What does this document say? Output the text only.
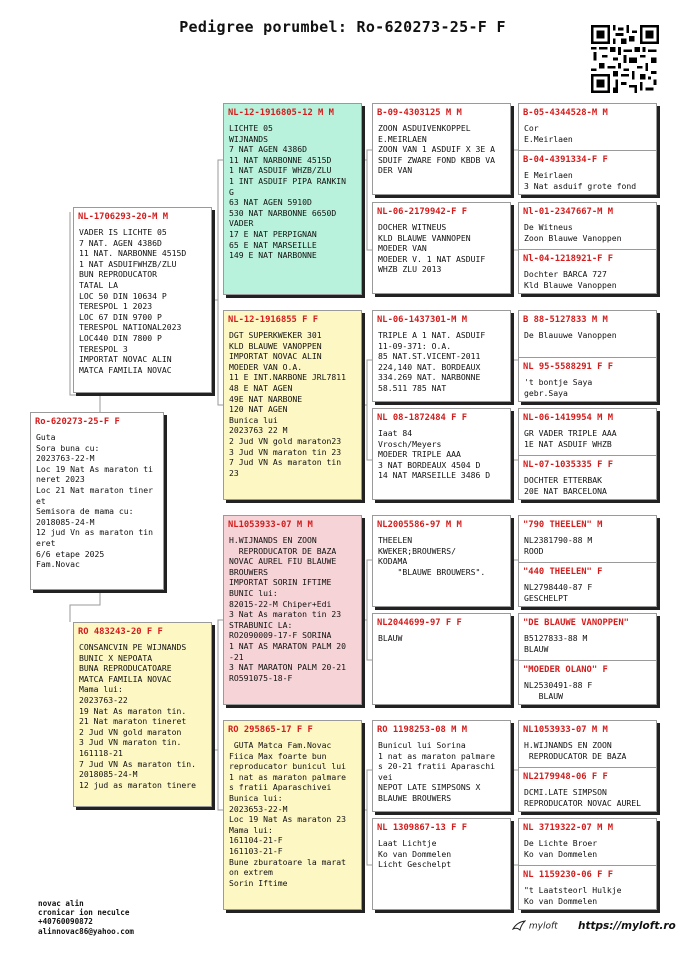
Pedigree porumbel: Ro-620273-25-F F
Ro-620273-25-F F
Guta
Sora buna cu:
2023763-22-M
Loc 19 Nat As maraton ti
neret 2023
Loc 21 Nat maraton tiner
et
Semisora de mama cu:
2018085-24-M
12 jud Vn as maraton tin
eret
6/6 etape 2025
Fam.Novac
NL-1706293-20-M M
VADER IS LICHTE 05
7 NAT. AGEN 4386D
11 NAT. NARBONNE 4515D
1 NAT ASDUIFWHZB/ZLU
BUN REPRODUCATOR
TATAL LA
LOC 50 DIN 10634 P
TERESPOL 1 2023
LOC 67 DIN 9700 P
TERESPOL NATIONAL2023
LOC440 DIN 7800 P
TERESPOL 3
IMPORTAT NOVAC ALIN
MATCA FAMILIA NOVAC
RO 483243-20 F F
CONSANCVIN PE WIJNANDS
BUNIC X NEPOATA
BUNA REPRODUCATOARE
MATCA FAMILIA NOVAC
Mama lui:
2023763-22
19 Nat As maraton tin.
21 Nat maraton tineret
2 Jud VN gold maraton
3 Jud VN maraton tin.
161118-21
7 Jud VN As maraton tin.
2018085-24-M
12 jud as maraton tinere
NL-12-1916805-12 M M
LICHTE 05
WIJNANDS
7 NAT AGEN 4386D
11 NAT NARBONNE 4515D
1 NAT ASDUIF WHZB/ZLU
1 INT ASDUIF PIPA RANKIN
G
63 NAT AGEN 5910D
530 NAT NARBONNE 6650D
VADER
17 E NAT PERPIGNAN
65 E NAT MARSEILLE
149 E NAT NARBONNE
NL-12-1916855 F F
DGT SUPERKWEKER 301
KLD BLAUWE VANOPPEN
IMPORTAT NOVAC ALIN
MOEDER VAN O.A.
11 E INT.NARBONE JRL7811
48 E NAT AGEN
49E NAT NARBONE
120 NAT AGEN
Bunica lui
2023763 22 M
2 Jud VN gold maraton23
3 Jud VN maraton tin 23
7 Jud VN As maraton tin
23
NL1053933-07 M M
H.WIJNANDS EN ZOON
REPRODUCATOR DE BAZA
NOVAC AUREL FIU BLAUWE
BROUWERS
IMPORTAT SORIN IFTIME
BUNIC lui:
82015-22-M Chiper+Edi
3 Nat As maraton tin 23
STRABUNIC LA:
RO2090009-17-F SORINA
1 NAT AS MARATON PALM 20
-21
3 NAT MARATON PALM 20-21
RO591075-18-F
RO 295865-17 F F
GUTA Matca Fam.Novac
Fiica Max foarte bun
reproducator bunicul lui
1 nat as maraton palmare
s fratii Aparaschivei
Bunica lui:
2023653-22-M
Loc 19 Nat As maraton 23
Mama lui:
161104-21-F
161103-21-F
Bune zburatoare la marat
on extrem
Sorin Iftime
B-09-4303125 M M
ZOON ASDUIVENKOPPEL
E.MEIRLAEN
ZOON VAN 1 ASDUIF X 3E A
SDUIF ZWARE FOND KBDB VA
DER VAN
NL-06-2179942-F F
DOCHER WITNEUS
KLD BLAUWE VANNOPEN
MOEDER VAN
MOEDER V. 1 NAT ASDUIF
WHZB ZLU 2013
NL-06-1437301-M M
TRIPLE A 1 NAT. ASDUIF
11-09-371: O.A.
85 NAT.ST.VICENT-2011
224,140 NAT. BORDEAUX
334.269 NAT. NARBONNE
58.511 785 NAT
NL 08-1872484 F F
Iaat 84
Vrosch/Meyers
MOEDER TRIPLE AAA
3 NAT BORDEAUX 4504 D
14 NAT MARSEILLE 3486 D
NL2005586-97 M M
THEELEN
KWEKER;BROUWERS/
KODAMA
"BLAUWE BROUWERS".
NL2044699-97 F F
BLAUW
RO 1198253-08 M M
Bunicul lui Sorina
1 nat as maraton palmare
s 20-21 fratii Aparaschi
vei
NEPOT LATE SIMPSONS X
BLAUWE BROUWERS
NL 1309867-13 F F
Laat Lichtje
Ko van Dommelen
Licht Geschelpt
B-05-4344528-M M
Cor
E.Meirlaen
B-04-4391334-F F
E Meirlaen
3 Nat asduif grote fond
Nl-01-2347667-M M
De Witneus
Zoon Blauwe Vanoppen
Nl-04-1218921-F F
Dochter BARCA 727
Kld Blauwe Vanoppen
B 88-5127833 M M
De Blauuwe Vanoppen
NL 95-5588291 F F
't bontje Saya
gebr.Saya
NL-06-1419954 M M
GR VADER TRIPLE AAA
1E NAT ASDUIF WHZB
NL-07-1035335 F F
DOCHTER ETTERBAK
20E NAT BARCELONA
"790 THEELEN" M
NL2381790-88 M
ROOD
"440 THEELEN" F
NL2798440-87 F
GESCHELPT
"DE BLAUWE VANOPPEN"
B5127833-88 M
BLAUW
"MOEDER OLANO" F
NL2530491-88 F
BLAUW
NL1053933-07 M M
H.WIJNANDS EN ZOON
REPRODUCATOR DE BAZA
NL2179948-06 F F
DCMI.LATE SIMPSON
REPRODUCATOR NOVAC AUREL
NL 3719322-07 M M
De Lichte Broer
Ko van Dommelen
NL 1159230-06 F F
"t Laatsteorl Hulkje
Ko van Dommelen
novac alin
cronicar ion neculce
+40760090872
alinnovac86@yahoo.com	myloft https://myloft.ro
